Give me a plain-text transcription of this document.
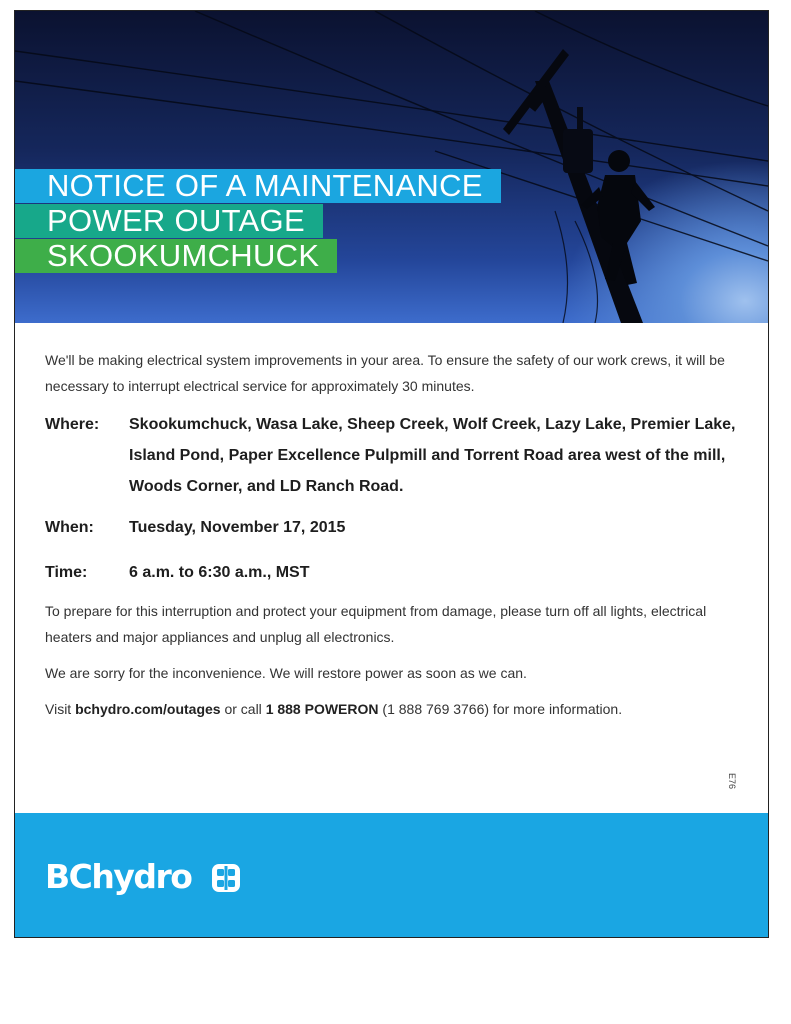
NOTICE OF A MAINTENANCE
POWER OUTAGE
SKOOKUMCHUCK

We'll be making electrical system improvements in your area. To ensure the safety of our work crews, it will be necessary to interrupt electrical service for approximately 30 minutes.

Where:	Skookumchuck, Wasa Lake, Sheep Creek, Wolf Creek, Lazy Lake, Premier Lake, Island Pond, Paper Excellence Pulpmill and Torrent Road area west of the mill, Woods Corner, and LD Ranch Road.
When:	Tuesday, November 17, 2015
Time:	6 a.m. to 6:30 a.m., MST

To prepare for this interruption and protect your equipment from damage, please turn off all lights, electrical heaters and major appliances and unplug all electronics.

We are sorry for the inconvenience. We will restore power as soon as we can.

Visit bchydro.com/outages or call 1 888 POWERON (1 888 769 3766) for more information.

E76
BChydro
